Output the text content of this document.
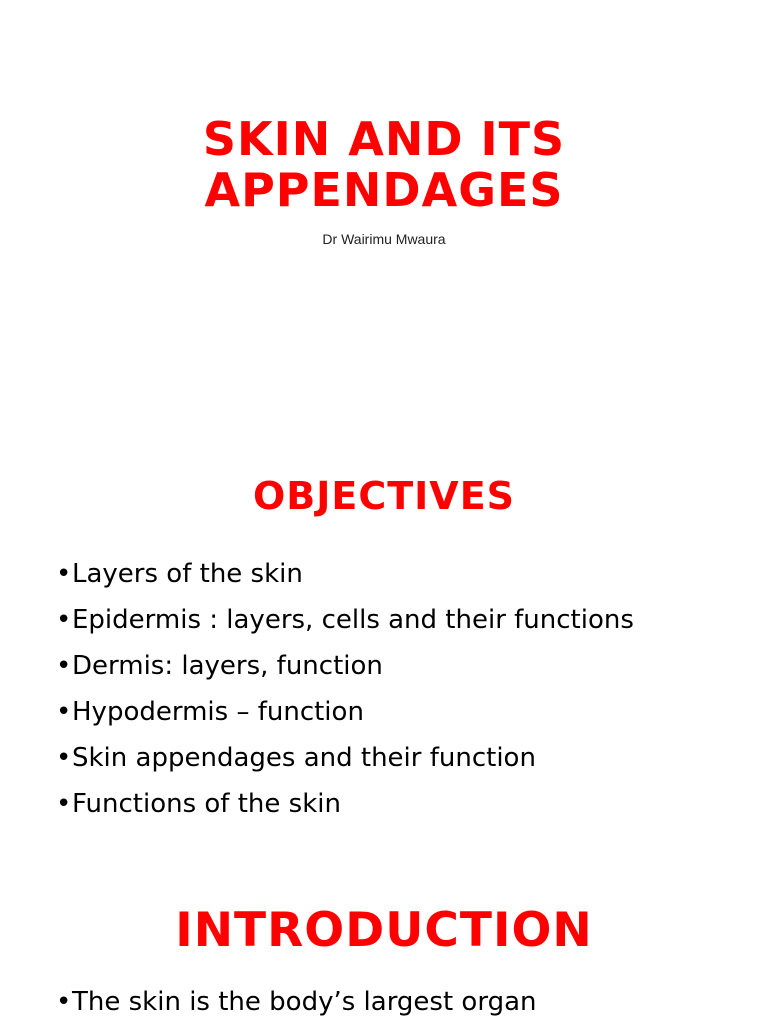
SKIN AND ITS
APPENDAGES
Dr Wairimu Mwaura
OBJECTIVES
•Layers of the skin
•Epidermis : layers, cells and their functions
•Dermis: layers, function
•Hypodermis – function
•Skin appendages and their function
•Functions of the skin
INTRODUCTION
•The skin is the body’s largest organ
